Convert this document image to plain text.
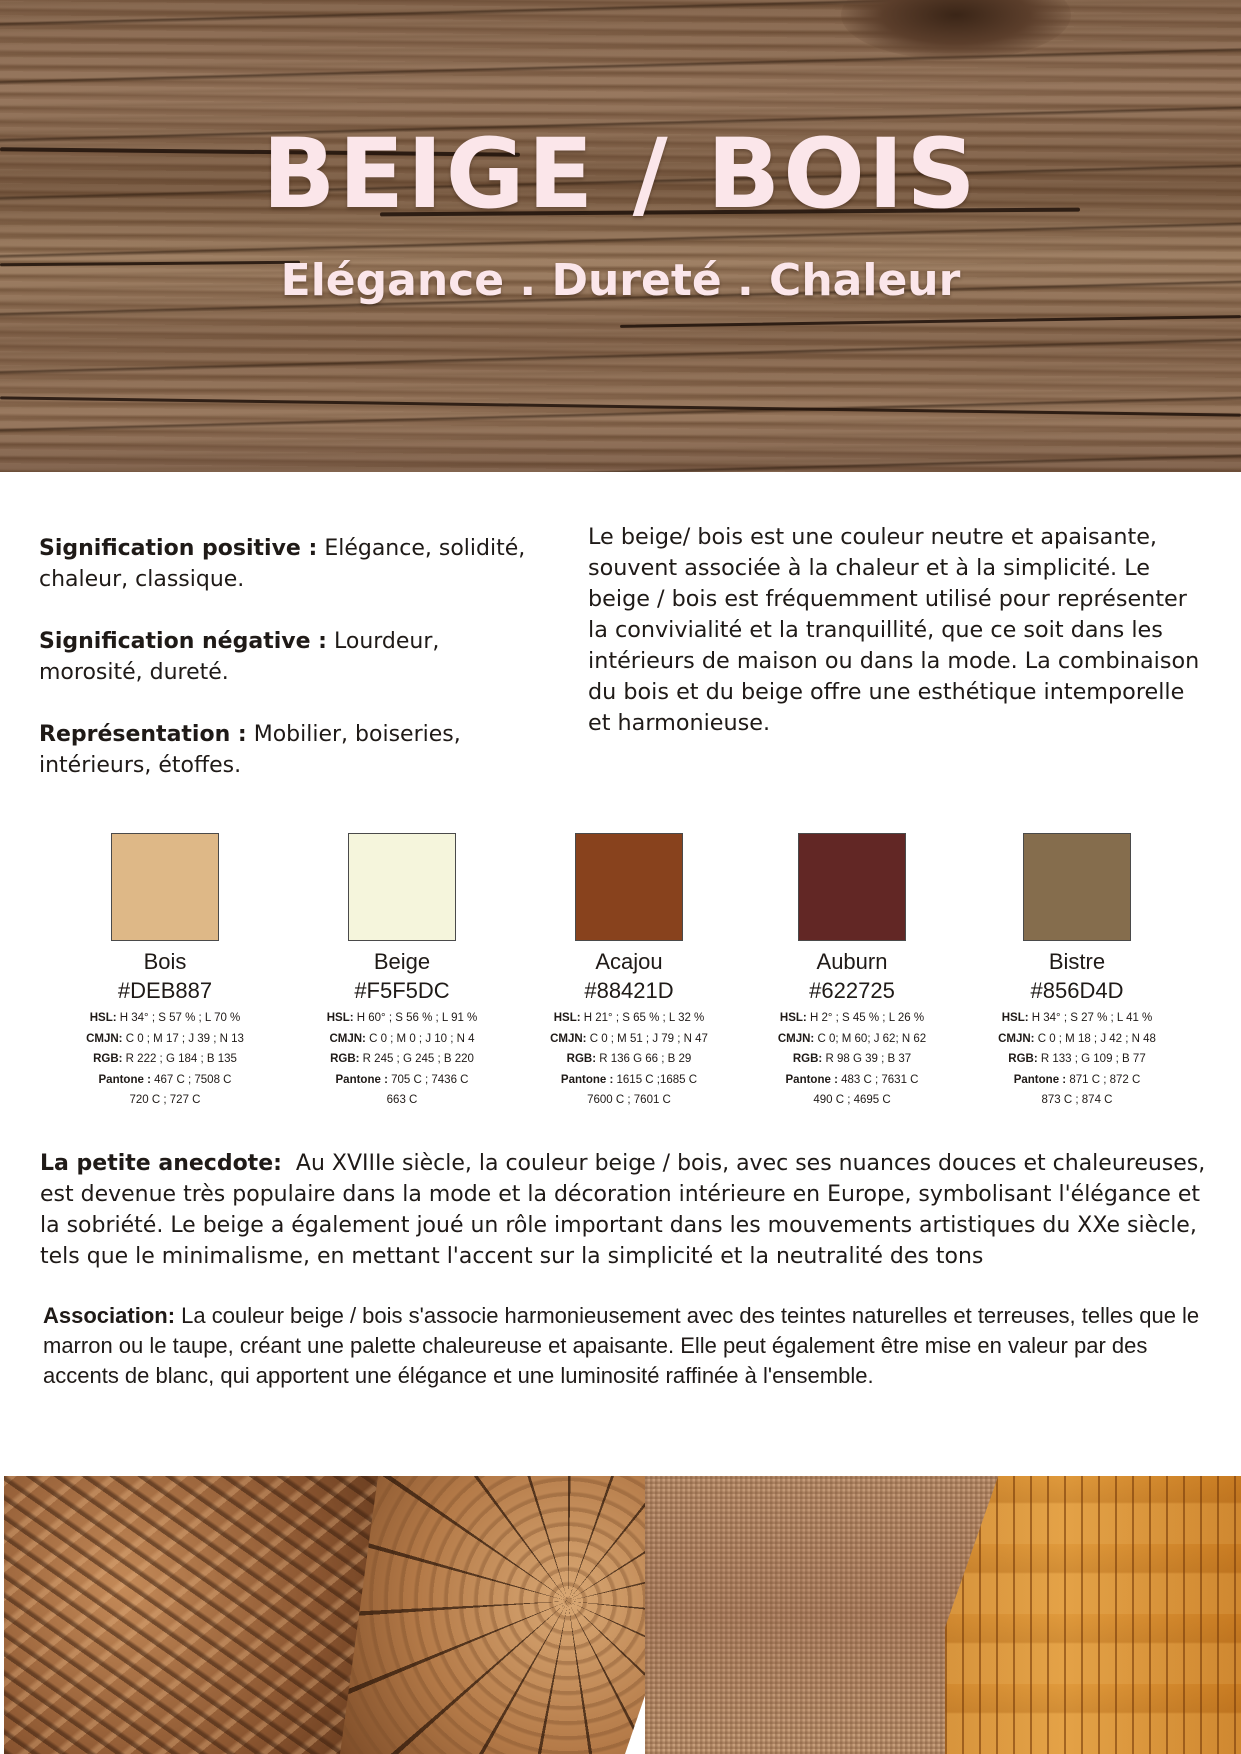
BEIGE / BOIS
Elégance . Dureté . Chaleur

Signification positive : Elégance, solidité, chaleur, classique.

Signification négative : Lourdeur, morosité, dureté.

Représentation : Mobilier, boiseries, intérieurs, étoffes.

Le beige/ bois est une couleur neutre et apaisante, souvent associée à la chaleur et à la simplicité. Le beige / bois est fréquemment utilisé pour représenter la convivialité et la tranquillité, que ce soit dans les intérieurs de maison ou dans la mode. La combinaison du bois et du beige offre une esthétique intemporelle et harmonieuse.

Bois
#DEB887
HSL: H 34° ; S 57 % ; L 70 %
CMJN: C 0 ; M 17 ; J 39 ; N 13
RGB: R 222 ; G 184 ; B 135
Pantone : 467 C ; 7508 C
720 C ; 727 C
Beige
#F5F5DC
HSL: H 60° ; S 56 % ; L 91 %
CMJN: C 0 ; M 0 ; J 10 ; N 4
RGB: R 245 ; G 245 ; B 220
Pantone : 705 C ; 7436 C
663 C
Acajou
#88421D
HSL: H 21° ; S 65 % ; L 32 %
CMJN: C 0 ; M 51 ; J 79 ; N 47
RGB: R 136 G 66 ; B 29
Pantone : 1615 C ;1685 C
7600 C ; 7601 C
Auburn
#622725
HSL: H 2° ; S 45 % ; L 26 %
CMJN: C 0; M 60; J 62; N 62
RGB: R 98 G 39 ; B 37
Pantone : 483 C ; 7631 C
490 C ; 4695 C
Bistre
#856D4D
HSL: H 34° ; S 27 % ; L 41 %
CMJN: C 0 ; M 18 ; J 42 ; N 48
RGB: R 133 ; G 109 ; B 77
Pantone : 871 C ; 872 C
873 C ; 874 C

La petite anecdote: Au XVIIIe siècle, la couleur beige / bois, avec ses nuances douces et chaleureuses, est devenue très populaire dans la mode et la décoration intérieure en Europe, symbolisant l'élégance et la sobriété. Le beige a également joué un rôle important dans les mouvements artistiques du XXe siècle, tels que le minimalisme, en mettant l'accent sur la simplicité et la neutralité des tons

Association: La couleur beige / bois s'associe harmonieusement avec des teintes naturelles et terreuses, telles que le marron ou le taupe, créant une palette chaleureuse et apaisante. Elle peut également être mise en valeur par des accents de blanc, qui apportent une élégance et une luminosité raffinée à l'ensemble.
